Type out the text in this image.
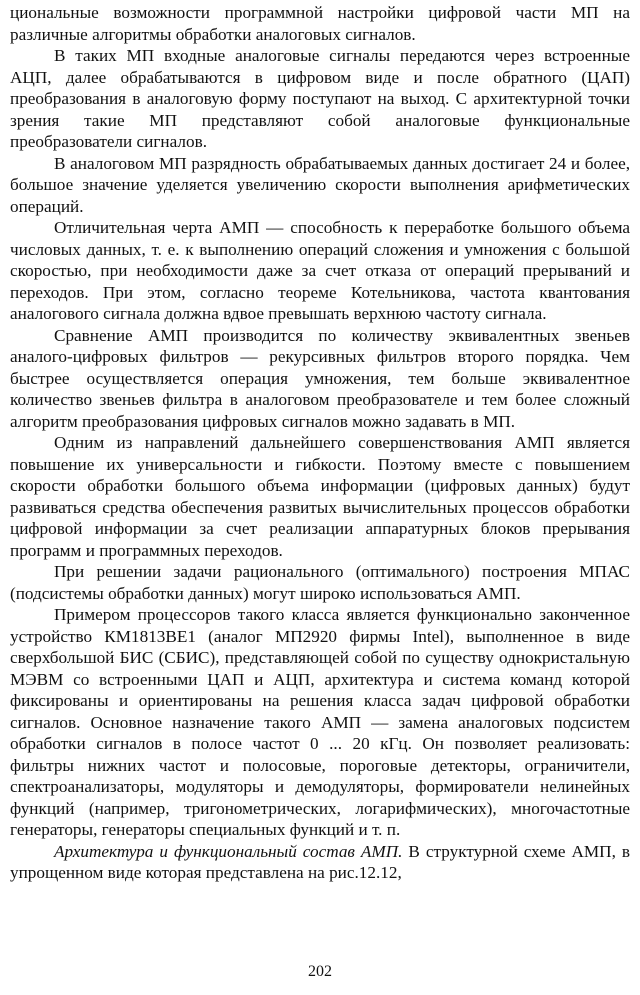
циональные возможности программной настройки цифровой части МП на различные алгоритмы обработки аналоговых сигналов.

В таких МП входные аналоговые сигналы передаются через встроенные АЦП, далее обрабатываются в цифровом виде и после обратного (ЦАП) преобразования в аналоговую форму поступают на выход. С архитектурной точки зрения такие МП представляют собой аналоговые функциональные преобразователи сигналов.

В аналоговом МП разрядность обрабатываемых данных достигает 24 и более, большое значение уделяется увеличению скорости выполнения арифметических операций.

Отличительная черта АМП — способность к переработке большого объема числовых данных, т. е. к выполнению операций сложения и умножения с большой скоростью, при необходимости даже за счет отказа от операций прерываний и переходов. При этом, согласно теореме Котельникова, частота квантования аналогового сигнала должна вдвое превышать верхнюю частоту сигнала.

Сравнение АМП производится по количеству эквивалентных звеньев аналого-цифровых фильтров — рекурсивных фильтров второго порядка. Чем быстрее осуществляется операция умножения, тем больше эквивалентное количество звеньев фильтра в аналоговом преобразователе и тем более сложный алгоритм преобразования цифровых сигналов можно задавать в МП.

Одним из направлений дальнейшего совершенствования АМП является повышение их универсальности и гибкости. Поэтому вместе с повышением скорости обработки большого объема информации (цифровых данных) будут развиваться средства обеспечения развитых вычислительных процессов обработки цифровой информации за счет реализации аппаратурных блоков прерывания программ и программных переходов.

При решении задачи рационального (оптимального) построения МПАС (подсистемы обработки данных) могут широко использоваться АМП.

Примером процессоров такого класса является функционально законченное устройство КМ1813ВЕ1 (аналог МП2920 фирмы Intel), выполненное в виде сверхбольшой БИС (СБИС), представляющей собой по существу однокристальную МЭВМ со встроенными ЦАП и АЦП, архитектура и система команд которой фиксированы и ориентированы на решения класса задач цифровой обработки сигналов. Основное назначение такого АМП — замена аналоговых подсистем обработки сигналов в полосе частот 0 ... 20 кГц. Он позволяет реализовать: фильтры нижних частот и полосовые, пороговые детекторы, ограничители, спектроанализаторы, модуляторы и демодуляторы, формирователи нелинейных функций (например, тригонометрических, логарифмических), многочастотные генераторы, генераторы специальных функций и т. п.

Архитектура и функциональный состав АМП. В структурной схеме АМП, в упрощенном виде которая представлена на рис.12.12,

202
